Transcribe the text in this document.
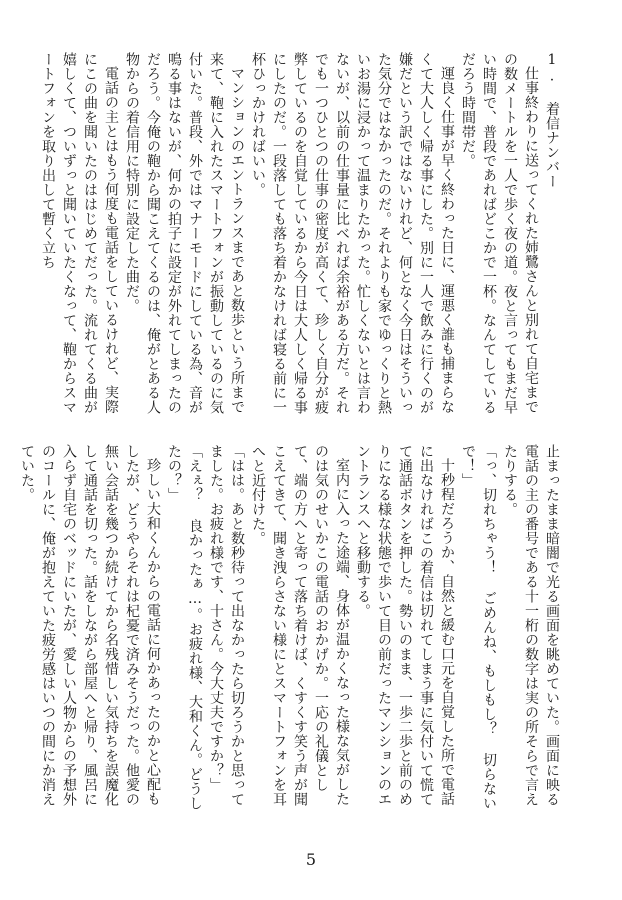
1. 着信ナンバー

仕事終わりに送ってくれた姉鷺さんと別れて自宅までの数メートルを一人で歩く夜の道。夜と言ってもまだ早い時間で、普段であればどこかで一杯。なんてしているだろう時間帯だ。

運良く仕事が早く終わった日に、運悪く誰も捕まらなくて大人しく帰る事にした。別に一人で飲みに行くのが嫌だという訳ではないけれど、何となく今日はそういった気分ではなかったのだ。それよりも家でゆっくりと熱いお湯に浸かって温まりたかった。忙しくないとは言わないが、以前の仕事量に比べれば余裕がある方だ。それでも一つひとつの仕事の密度が高くて、珍しく自分が疲弊しているのを自覚しているから今日は大人しく帰る事にしたのだ。一段落しても落ち着かなければ寝る前に一杯ひっかければいい。

マンションのエントランスまであと数歩という所まで来て、鞄に入れたスマートフォンが振動しているのに気付いた。普段、外ではマナーモードにしている為、音が鳴る事はないが、何かの拍子に設定が外れてしまったのだろう。今俺の鞄から聞こえてくるのは、俺がとある人物からの着信用に特別に設定した曲だ。

電話の主とはもう何度も電話をしているけれど、実際にこの曲を聞いたのははじめてだった。流れてくる曲が嬉しくて、ついずっと聞いていたくなって、鞄からスマートフォンを取り出して暫く立ち

止まったまま暗闇で光る画面を眺めていた。画面に映る電話の主の番号である十一桁の数字は実の所そらで言えたりする。

「っ、切れちゃう！ ごめんね、もしもし？ 切らないで！」

十秒程だろうか、自然と緩む口元を自覚した所で電話に出なければこの着信は切れてしまう事に気付いて慌てて通話ボタンを押した。勢いのまま、一歩二歩と前のめりになる様な状態で歩いて目の前だったマンションのエントランスへと移動する。

室内に入った途端、身体が温かくなった様な気がしたのは気のせいかこの電話のおかげか。一応の礼儀として、端の方へと寄って落ち着けば、くすくす笑う声が聞こえてきて、聞き洩らさない様にとスマートフォンを耳へと近付けた。

「はは。あと数秒待って出なかったら切ろうかと思ってました。お疲れ様です、十さん。今大丈夫ですか？」

「えぇ？ 良かったぁ…。お疲れ様、大和くん。どうしたの？」

珍しい大和くんからの電話に何かあったのかと心配もしたが、どうやらそれは杞憂で済みそうだった。他愛の無い会話を幾つか続けてから名残惜しい気持ちを誤魔化して通話を切った。話をしながら部屋へと帰り、風呂に入らず自宅のベッドにいたが、愛しい人物からの予想外のコールに、俺が抱えていた疲労感はいつの間にか消えていた。

5
